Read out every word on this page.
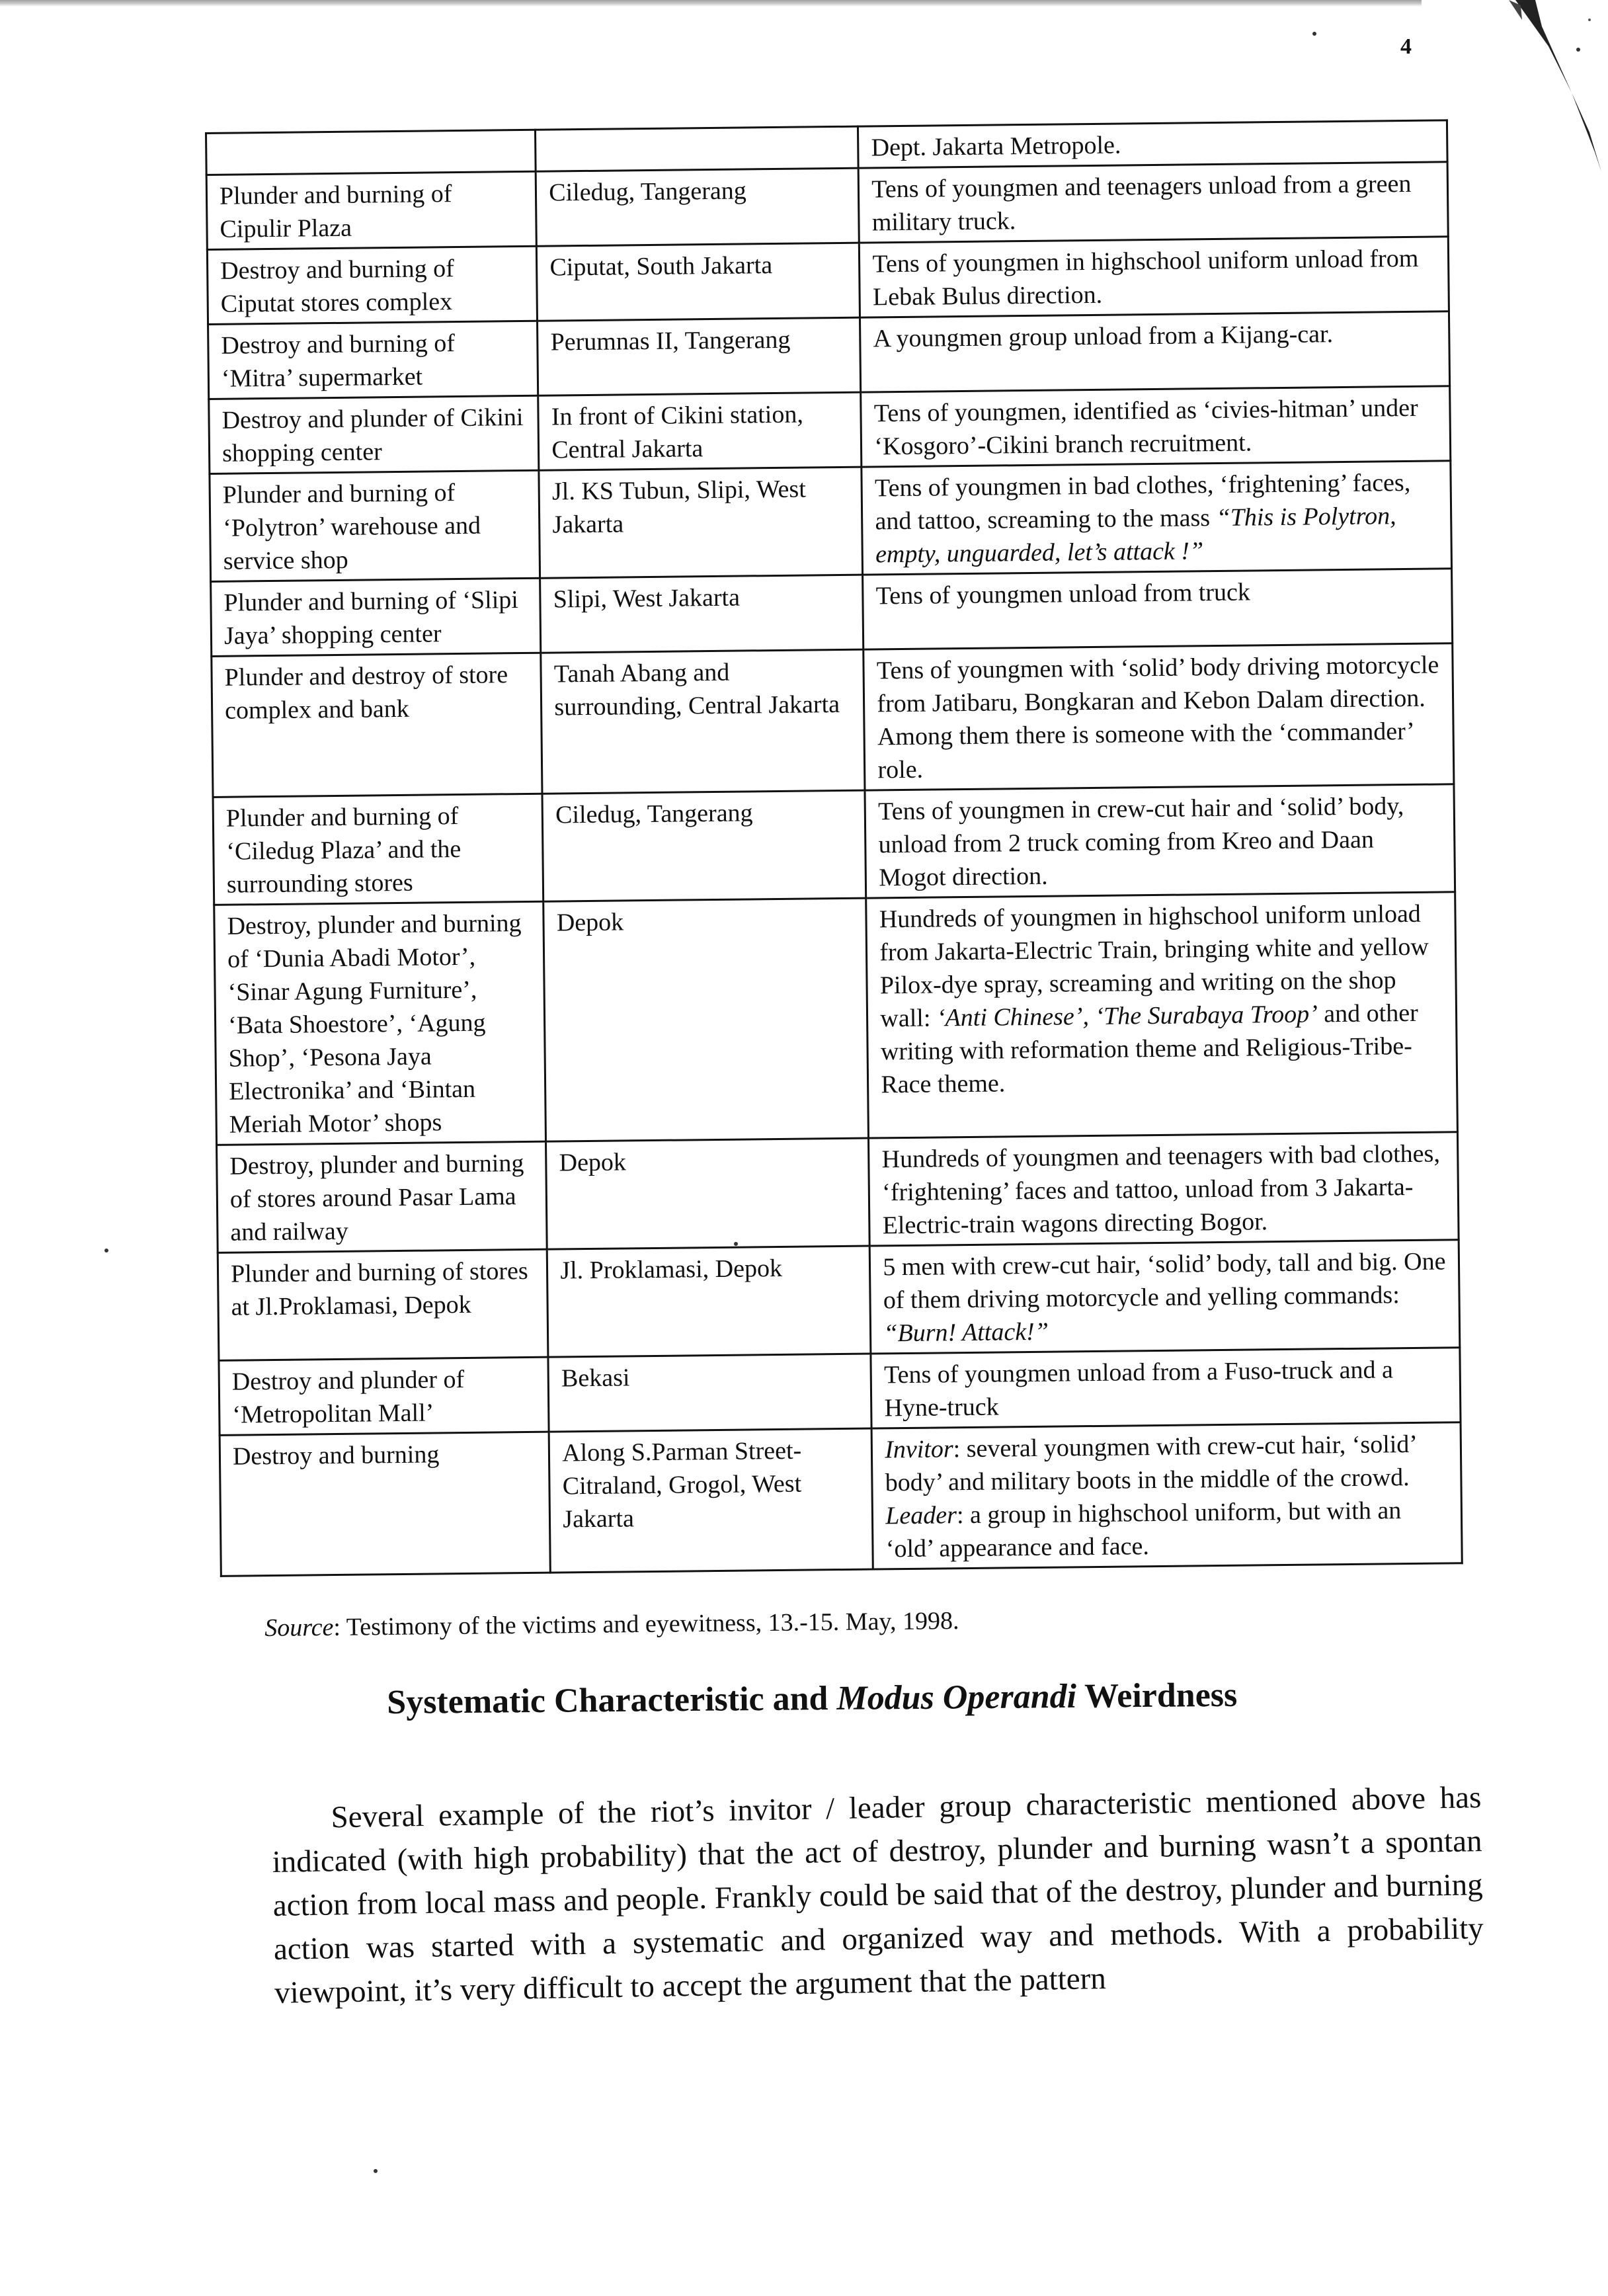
4
		Dept. Jakarta Metropole.
Plunder and burning of Cipulir Plaza	Ciledug, Tangerang	Tens of youngmen and teenagers unload from a green military truck.
Destroy and burning of Ciputat stores complex	Ciputat, South Jakarta	Tens of youngmen in highschool uniform unload from Lebak Bulus direction.
Destroy and burning of ‘Mitra’ supermarket	Perumnas II, Tangerang	A youngmen group unload from a Kijang-car.
Destroy and plunder of Cikini shopping center	In front of Cikini station, Central Jakarta	Tens of youngmen, identified as ‘civies-hitman’ under ‘Kosgoro’-Cikini branch recruitment.
Plunder and burning of ‘Polytron’ warehouse and service shop	Jl. KS Tubun, Slipi, West Jakarta	Tens of youngmen in bad clothes, ‘frightening’ faces, and tattoo, screaming to the mass “This is Polytron, empty, unguarded, let’s attack !”
Plunder and burning of ‘Slipi Jaya’ shopping center	Slipi, West Jakarta	Tens of youngmen unload from truck
Plunder and destroy of store complex and bank	Tanah Abang and surrounding, Central Jakarta	Tens of youngmen with ‘solid’ body driving motorcycle from Jatibaru, Bongkaran and Kebon Dalam direction. Among them there is someone with the ‘commander’ role.
Plunder and burning of ‘Ciledug Plaza’ and the surrounding stores	Ciledug, Tangerang	Tens of youngmen in crew-cut hair and ‘solid’ body, unload from 2 truck coming from Kreo and Daan Mogot direction.
Destroy, plunder and burning of ‘Dunia Abadi Motor’, ‘Sinar Agung Furniture’, ‘Bata Shoestore’, ‘Agung Shop’, ‘Pesona Jaya Electronika’ and ‘Bintan Meriah Motor’ shops	Depok	Hundreds of youngmen in highschool uniform unload from Jakarta-Electric Train, bringing white and yellow Pilox-dye spray, screaming and writing on the shop wall: ‘Anti Chinese’, ‘The Surabaya Troop’ and other writing with reformation theme and Religious-Tribe-Race theme.
Destroy, plunder and burning of stores around Pasar Lama and railway	Depok	Hundreds of youngmen and teenagers with bad clothes, ‘frightening’ faces and tattoo, unload from 3 Jakarta-Electric-train wagons directing Bogor.
Plunder and burning of stores at Jl.Proklamasi, Depok	Jl. Proklamasi, Depok	5 men with crew-cut hair, ‘solid’ body, tall and big. One of them driving motorcycle and yelling commands: “Burn! Attack!”
Destroy and plunder of ‘Metropolitan Mall’	Bekasi	Tens of youngmen unload from a Fuso-truck and a Hyne-truck
Destroy and burning	Along S.Parman Street-Citraland, Grogol, West Jakarta	Invitor: several youngmen with crew-cut hair, ‘solid’ body’ and military boots in the middle of the crowd. Leader: a group in highschool uniform, but with an ‘old’ appearance and face.
Source: Testimony of the victims and eyewitness, 13.-15. May, 1998.
Systematic Characteristic and Modus Operandi Weirdness

Several example of the riot’s invitor / leader group characteristic mentioned above has indicated (with high probability) that the act of destroy, plunder and burning wasn’t a spontan action from local mass and people. Frankly could be said that of the destroy, plunder and burning action was started with a systematic and organized way and methods. With a probability viewpoint, it’s very difficult to accept the argument that the pattern
